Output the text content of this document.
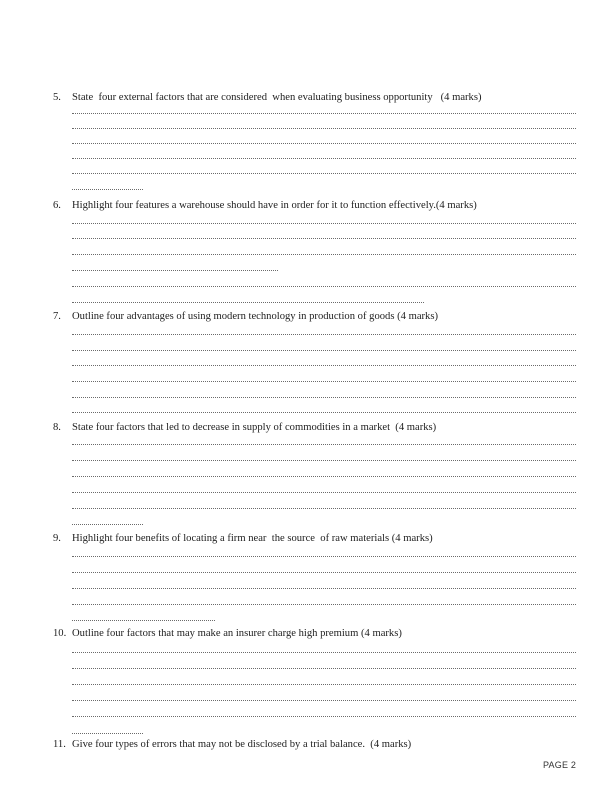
5. State  four external factors that are considered  when evaluating business opportunity   (4 marks)
6. Highlight four features a warehouse should have in order for it to function effectively.(4 marks)
7. Outline four advantages of using modern technology in production of goods (4 marks)
8. State four factors that led to decrease in supply of commodities in a market  (4 marks)
9. Highlight four benefits of locating a firm near  the source  of raw materials (4 marks)
10. Outline four factors that may make an insurer charge high premium (4 marks)
11. Give four types of errors that may not be disclosed by a trial balance.  (4 marks)
PAGE 2
